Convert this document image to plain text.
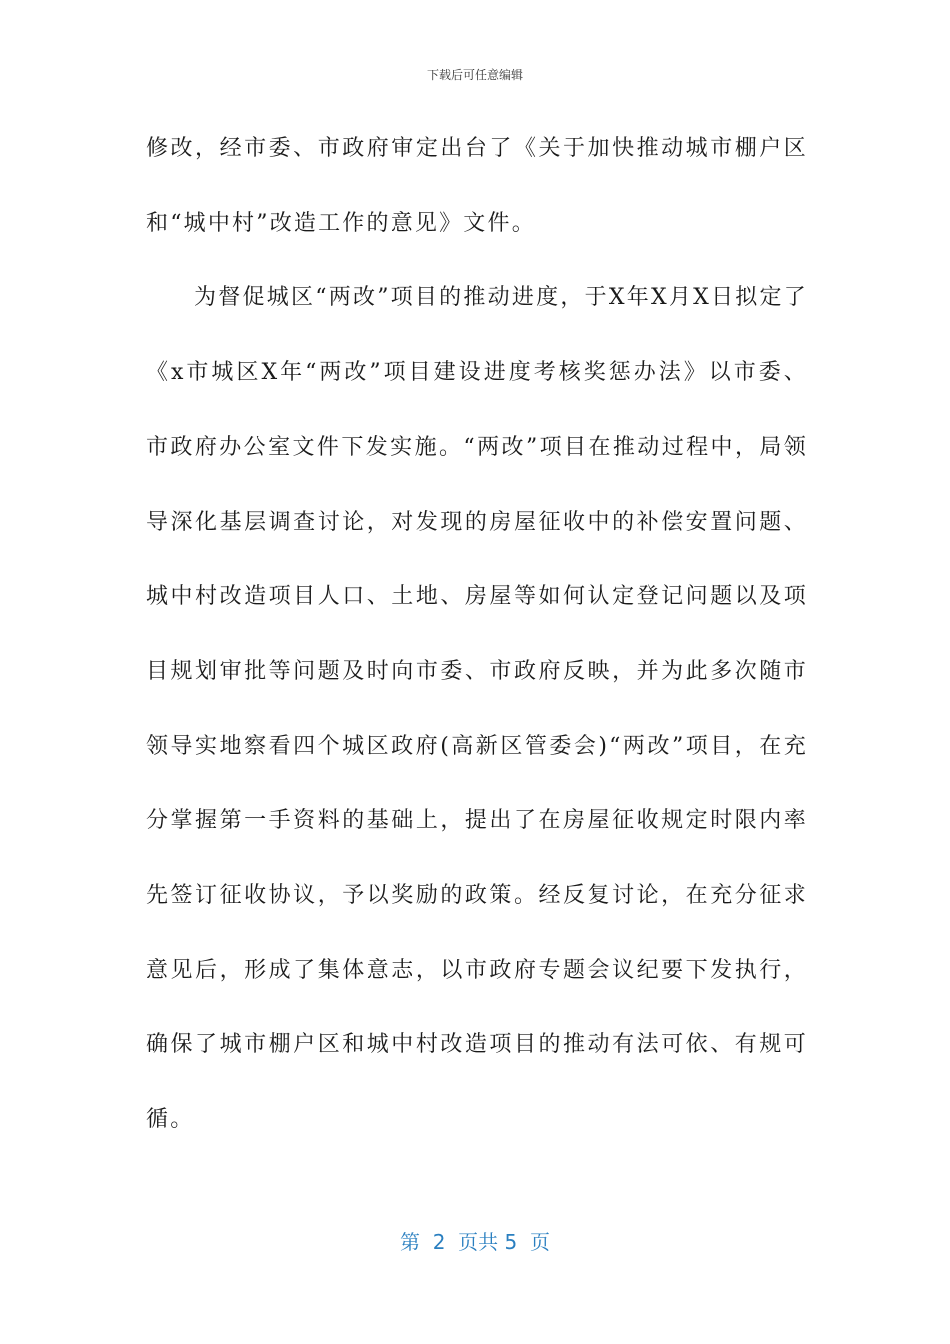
下载后可任意编辑

修改，经市委、市政府审定出台了《关于加快推动城市棚户区和“城中村”改造工作的意见》文件。

为督促城区“两改”项目的推动进度，于X年X月X日拟定了《x市城区X年“两改”项目建设进度考核奖惩办法》以市委、市政府办公室文件下发实施。“两改”项目在推动过程中，局领导深化基层调查讨论，对发现的房屋征收中的补偿安置问题、城中村改造项目人口、土地、房屋等如何认定登记问题以及项目规划审批等问题及时向市委、市政府反映，并为此多次随市领导实地察看四个城区政府(高新区管委会)“两改”项目，在充分掌握第一手资料的基础上，提出了在房屋征收规定时限内率先签订征收协议，予以奖励的政策。经反复讨论，在充分征求意见后，形成了集体意志，以市政府专题会议纪要下发执行，确保了城市棚户区和城中村改造项目的推动有法可依、有规可循。

第  2  页共 5  页
